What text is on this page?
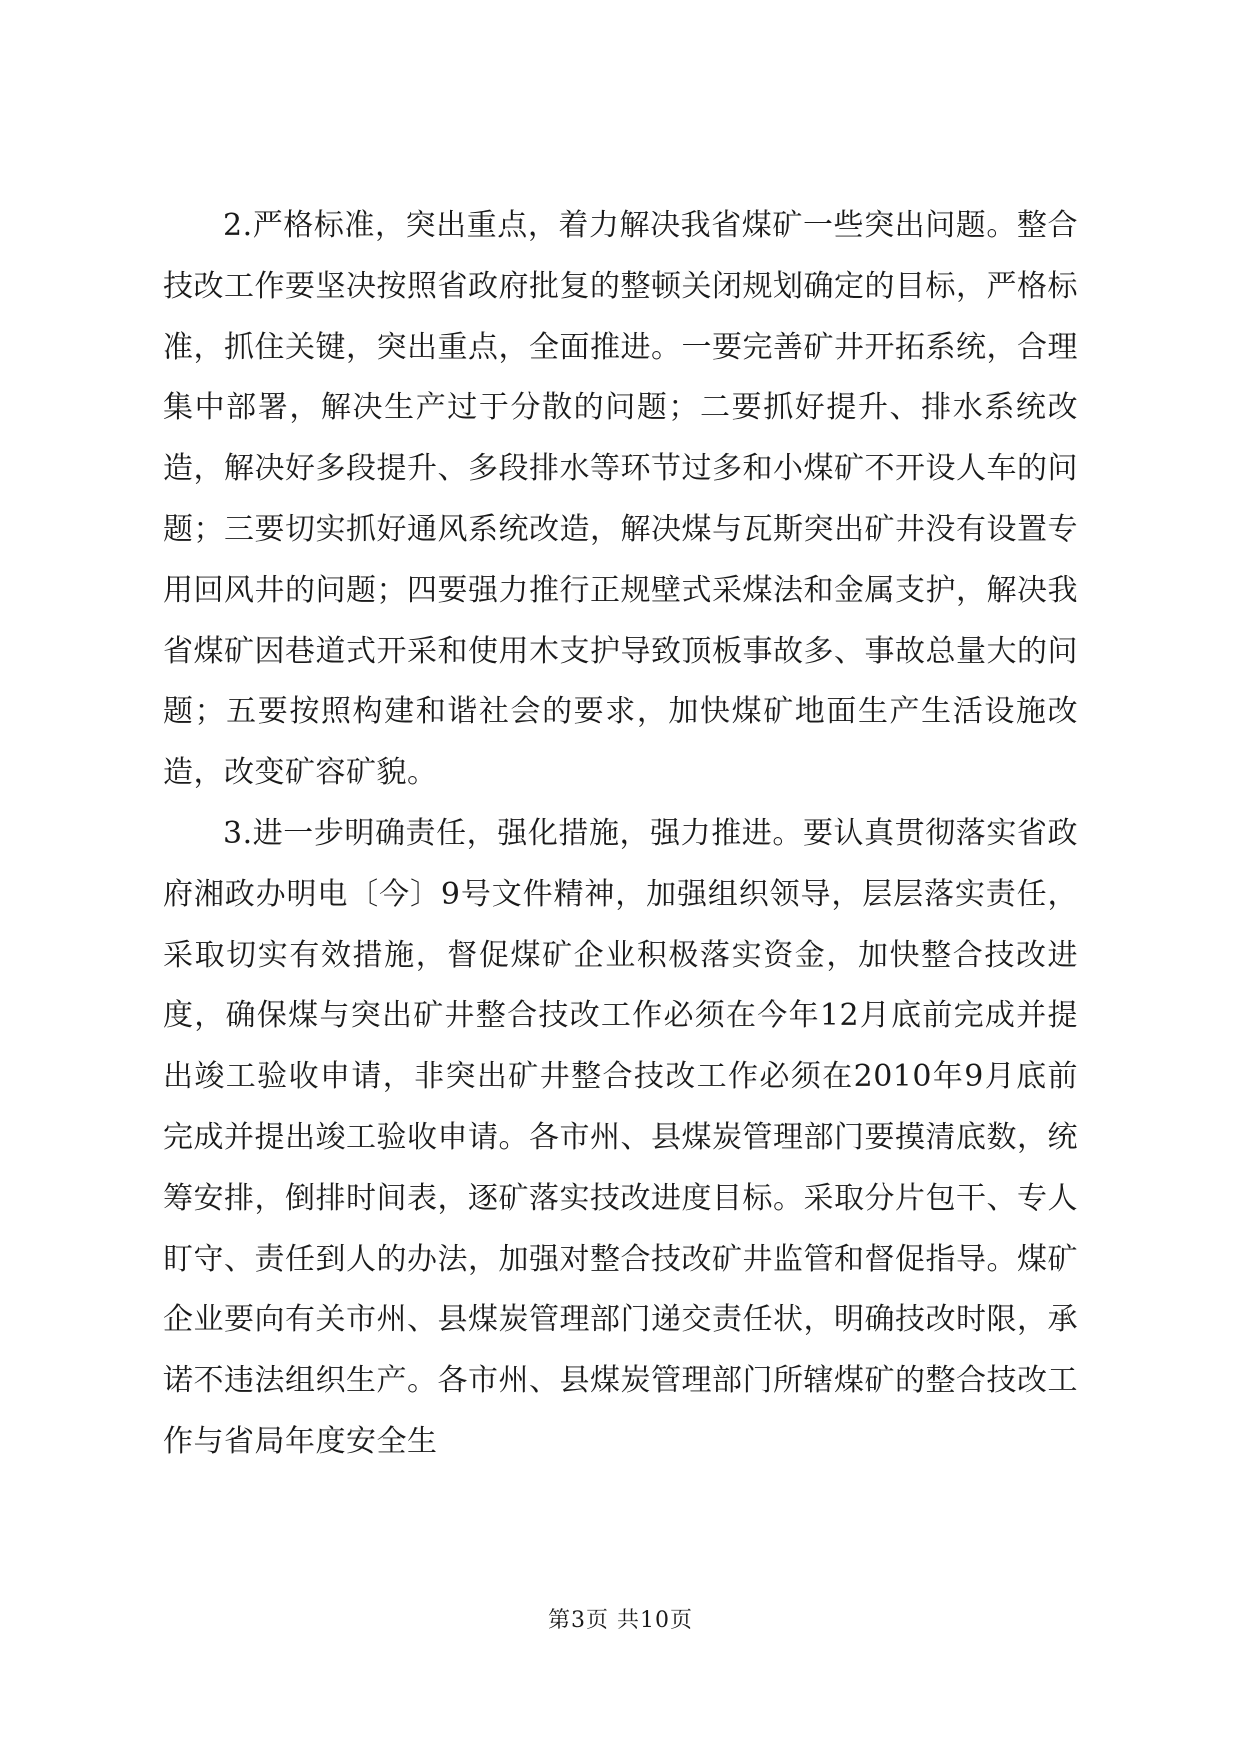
2.严格标准，突出重点，着力解决我省煤矿一些突出问题。整合技改工作要坚决按照省政府批复的整顿关闭规划确定的目标，严格标准，抓住关键，突出重点，全面推进。一要完善矿井开拓系统，合理集中部署，解决生产过于分散的问题；二要抓好提升、排水系统改造，解决好多段提升、多段排水等环节过多和小煤矿不开设人车的问题；三要切实抓好通风系统改造，解决煤与瓦斯突出矿井没有设置专用回风井的问题；四要强力推行正规壁式采煤法和金属支护，解决我省煤矿因巷道式开采和使用木支护导致顶板事故多、事故总量大的问题；五要按照构建和谐社会的要求，加快煤矿地面生产生活设施改造，改变矿容矿貌。

3.进一步明确责任，强化措施，强力推进。要认真贯彻落实省政府湘政办明电〔今〕9号文件精神，加强组织领导，层层落实责任，采取切实有效措施，督促煤矿企业积极落实资金，加快整合技改进度，确保煤与突出矿井整合技改工作必须在今年12月底前完成并提出竣工验收申请，非突出矿井整合技改工作必须在2010年9月底前完成并提出竣工验收申请。各市州、县煤炭管理部门要摸清底数，统筹安排，倒排时间表，逐矿落实技改进度目标。采取分片包干、专人盯守、责任到人的办法，加强对整合技改矿井监管和督促指导。煤矿企业要向有关市州、县煤炭管理部门递交责任状，明确技改时限，承诺不违法组织生产。各市州、县煤炭管理部门所辖煤矿的整合技改工作与省局年度安全生

第3页 共10页
